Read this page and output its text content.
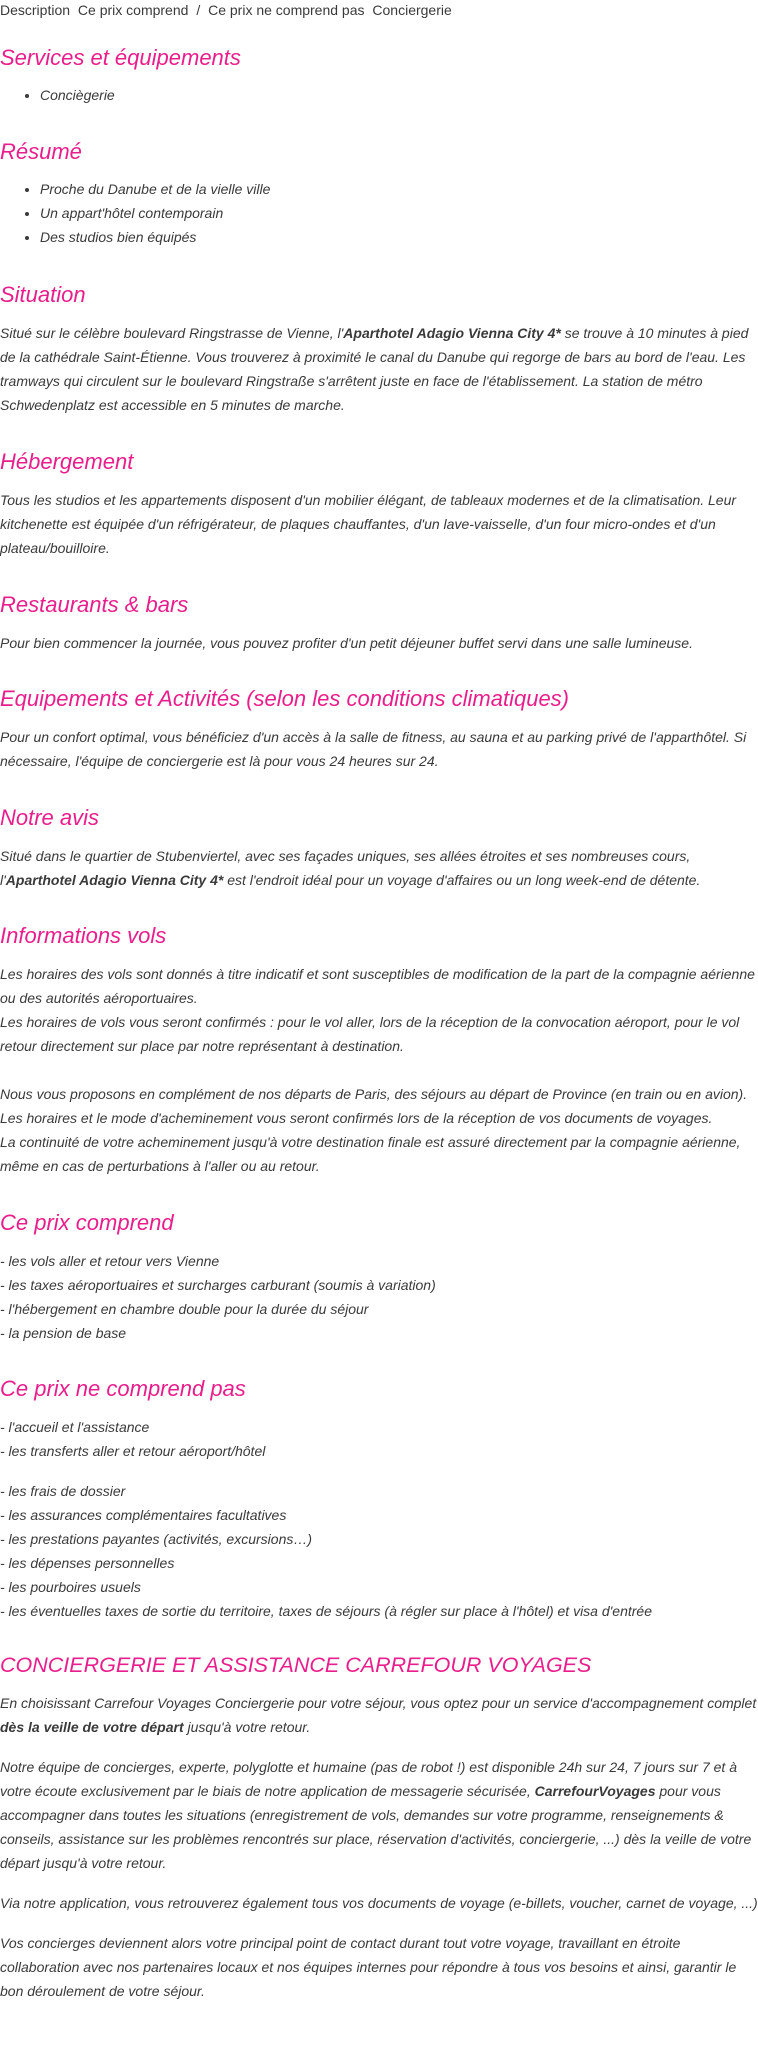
Description Ce prix comprend / Ce prix ne comprend pas Conciergerie
Services et équipements
• Conciègerie
Résumé
• Proche du Danube et de la vielle ville
• Un appart'hôtel contemporain
• Des studios bien équipés
Situation

Situé sur le célèbre boulevard Ringstrasse de Vienne, l'Aparthotel Adagio Vienna City 4* se trouve à 10 minutes à pied de la cathédrale Saint-Étienne. Vous trouverez à proximité le canal du Danube qui regorge de bars au bord de l'eau. Les tramways qui circulent sur le boulevard Ringstraße s'arrêtent juste en face de l'établissement. La station de métro Schwedenplatz est accessible en 5 minutes de marche.

Hébergement

Tous les studios et les appartements disposent d'un mobilier élégant, de tableaux modernes et de la climatisation. Leur kitchenette est équipée d'un réfrigérateur, de plaques chauffantes, d'un lave-vaisselle, d'un four micro-ondes et d'un plateau/bouilloire.

Restaurants & bars

Pour bien commencer la journée, vous pouvez profiter d'un petit déjeuner buffet servi dans une salle lumineuse.

Equipements et Activités (selon les conditions climatiques)

Pour un confort optimal, vous bénéficiez d'un accès à la salle de fitness, au sauna et au parking privé de l'apparthôtel. Si nécessaire, l'équipe de conciergerie est là pour vous 24 heures sur 24.

Notre avis

Situé dans le quartier de Stubenviertel, avec ses façades uniques, ses allées étroites et ses nombreuses cours, l'Aparthotel Adagio Vienna City 4* est l'endroit idéal pour un voyage d'affaires ou un long week-end de détente.

Informations vols

Les horaires des vols sont donnés à titre indicatif et sont susceptibles de modification de la part de la compagnie aérienne ou des autorités aéroportuaires.
Les horaires de vols vous seront confirmés : pour le vol aller, lors de la réception de la convocation aéroport, pour le vol retour directement sur place par notre représentant à destination.

Nous vous proposons en complément de nos départs de Paris, des séjours au départ de Province (en train ou en avion).
Les horaires et le mode d'acheminement vous seront confirmés lors de la réception de vos documents de voyages.
La continuité de votre acheminement jusqu'à votre destination finale est assuré directement par la compagnie aérienne, même en cas de perturbations à l'aller ou au retour.

Ce prix comprend
- les vols aller et retour vers Vienne
- les taxes aéroportuaires et surcharges carburant (soumis à variation)
- l'hébergement en chambre double pour la durée du séjour
- la pension de base
Ce prix ne comprend pas
- l'accueil et l'assistance
- les transferts aller et retour aéroport/hôtel
- les frais de dossier
- les assurances complémentaires facultatives
- les prestations payantes (activités, excursions…)
- les dépenses personnelles
- les pourboires usuels
- les éventuelles taxes de sortie du territoire, taxes de séjours (à régler sur place à l'hôtel) et visa d'entrée
CONCIERGERIE ET ASSISTANCE CARREFOUR VOYAGES

En choisissant Carrefour Voyages Conciergerie pour votre séjour, vous optez pour un service d'accompagnement complet dès la veille de votre départ jusqu'à votre retour.

Notre équipe de concierges, experte, polyglotte et humaine (pas de robot !) est disponible 24h sur 24, 7 jours sur 7 et à votre écoute exclusivement par le biais de notre application de messagerie sécurisée, CarrefourVoyages pour vous accompagner dans toutes les situations (enregistrement de vols, demandes sur votre programme, renseignements & conseils, assistance sur les problèmes rencontrés sur place, réservation d'activités, conciergerie, ...) dès la veille de votre départ jusqu'à votre retour.

Via notre application, vous retrouverez également tous vos documents de voyage (e-billets, voucher, carnet de voyage, ...)

Vos concierges deviennent alors votre principal point de contact durant tout votre voyage, travaillant en étroite collaboration avec nos partenaires locaux et nos équipes internes pour répondre à tous vos besoins et ainsi, garantir le bon déroulement de votre séjour.
